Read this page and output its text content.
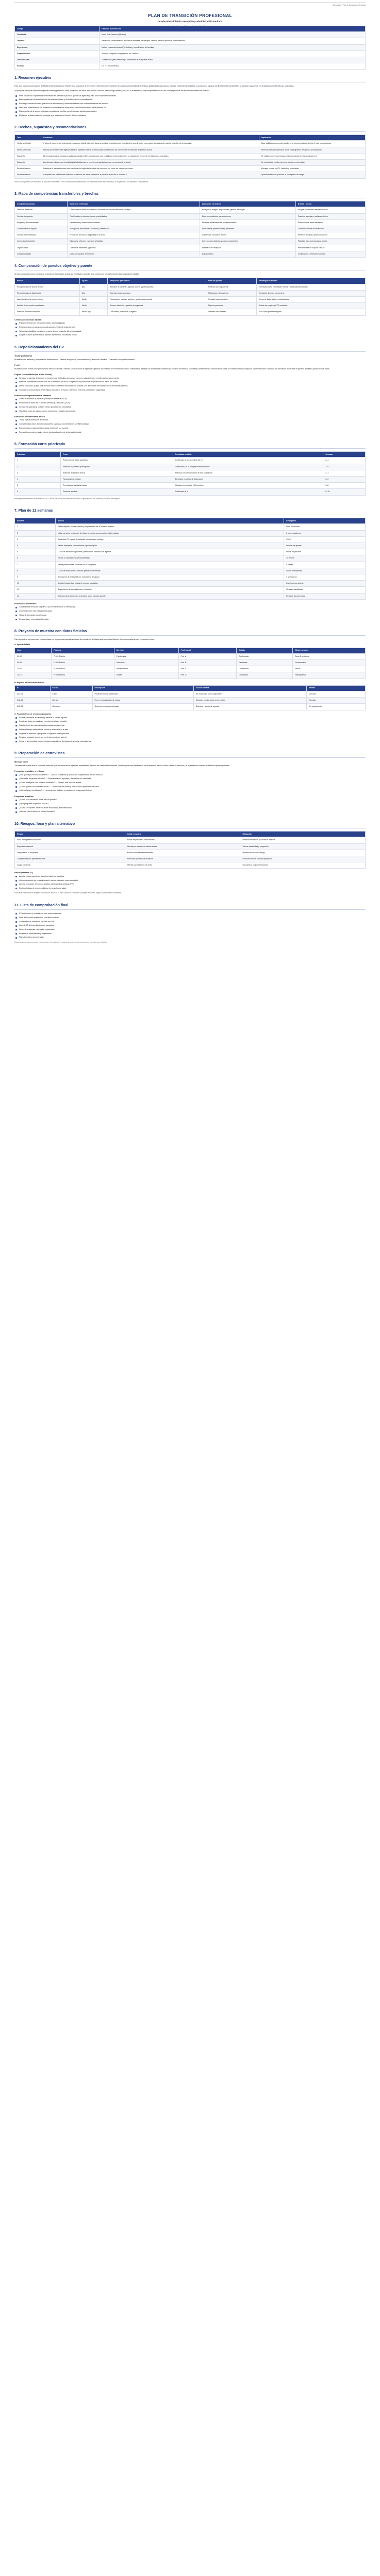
Agricultura · Plan de transición profesional
PLAN DE TRANSICIÓN PROFESIONAL
De educadora infantil a recepción y administración sanitaria
Campo	Datos de planificación
Candidata	Marta Ruiz Navarro (34 años)
Objetivo	Recepción, administración en clínicas dentales, fisioterapia, centros médicos privados y mutualidades
Experiencia	9 años en escuela infantil (0–3 años) y coordinación de familias
Disponibilidad	Jornada completa; incorporación en 3 meses
Duración plan	14 semanas (fase intensiva) + 4 semanas de búsqueda activa
Formato	CV + 1 (Documento)
1. Resumen ejecutivo

Este plan organiza la transición de Marta desde la educación infantil hacia un puesto de recepción y administración sanitaria. Su experiencia atendiendo a familias, gestionando agendas de tutorías, manteniendo registros y coordinando equipos es directamente transferible a la atención al paciente y a la gestión administrativa de una clínica.

Se propone combinar formación específica breve (gestión de citas, protección de datos, facturación a mutuas, terminología básica) con un CV reorientado y una búsqueda focalizada en clínicas privadas del área metropolitana de Valencia.

Perfil fortalecido: experiencia demostrable en atención a público, gestión de agendas y trato con situaciones delicadas.
Brecha principal: desconocimiento del software clínico y de la facturación a mutualidades.
Estrategia: formación corta, práctica con simuladores y contactos directos con centros sanitarios del entorno.
Meta: tres entrevistas en las primeras seis semanas de búsqueda y oferta firmada antes de la semana 18.
Mantener la red de apoyo: antiguas compañeras, familias y profesionales sanitarios conocidos.
El plan se revisará cada dos semanas y se adaptará en función de los resultados.
2. Hechos, supuestos y recomendaciones
Tipo	Contenido	Implicación
Hecho verificado	9 años de experiencia profesional en escuela infantil: atención diaria a familias, seguimiento de expedientes, coordinación con equipo, comunicación escrita y gestión de incidencias.	Base sólida para recepción sanitaria: la competencia central es el trato con personas.
Hecho verificado	Manejo de herramientas digitales básicas y plataformas de comunicación con familias; sin experiencia en software de gestión clínica.	Necesita formación práctica breve en programas de agenda y facturación.
Supuesto	El mercado local de clínicas privadas demanda perfiles de recepción con estabilidad y buena atención; la rotación es frecuente en fisioterapia y dentales.	Se validará con 5 conversaciones informativas en las semanas 2–4.
Supuesto	Las clínicas valoran más la actitud y la fiabilidad que la experiencia sanitaria previa en puestos de entrada.	Se contrastará con las primeras ofertas y entrevistas.
Recomendación	Presentar la transición como una continuación lógica del cuidado de personas, no como un cambio de rumbo.	Mensaje central en CV, LinkedIn y entrevistas.
Recomendación	Completar una certificación breve en protección de datos y atención al paciente antes de la semana 6.	Aporta credibilidad y reduce la percepción de riesgo.

Nota: los supuestos se revisarán al final de la semana 4 con la información obtenida en las conversaciones informativas y la respuesta a las primeras candidaturas.

3. Mapa de competencias transferibles y brechas
Competencia actual	Evidencia verificable	Aplicación en destino	Brecha / acción
Atención a familias	Comunicación diaria con familias, incluidas situaciones delicadas y quejas	Recepción, acogida de pacientes, gestión de quejas	Adaptar vocabulario sanitario básico
Gestión de agenda	Planificación de tutorías, turnos y actividades	Citas, recordatorios, cancelaciones	Practicar agenda en software clínico
Registro y documentación	Expedientes y observaciones diarias	Historias administrativas, consentimientos	Protección de datos sanitarios
Coordinación de equipo	Trabajo con educadoras, dirección y orientación	Enlace entre profesionales y pacientes	Conocer circuitos de derivación
Gestión de incidencias	Protocolos de salud y seguridad en el aula	Incidencias en sala de espera	Primeros auxilios y protocolo clínico
Comunicación escrita	Circulares, informes y correos a familias	Correos, recordatorios y avisos a pacientes	Plantillas para comunicación clínica
Organización	Control de materiales y pedidos	Inventario de recepción	Herramientas de hoja de cálculo
Confidencialidad	Datos personales de menores	Datos clínicos	Certificación LOPDGDD sanitaria
4. Comparación de puestos objetivo y puente

Se han comparado cinco puestos de entrada con la situación actual. La prioridad es acceder a un puesto con buena formación interna y horario estable.

Puesto	Ajuste	Requisitos principales	Pilar del puesto	Estrategia de acceso
Recepcionista de clínica dental	Alto	Atención al paciente, agenda, cobros y presupuestos	Relación con el paciente	Formación corta en software dental + candidaturas directas
Recepcionista de fisioterapia	Alto	Agenda, bonos y mutuas	Fidelización del paciente	Contactos directos con centros
Administrativa de centro médico	Medio	Facturación, mutuas, archivo y gestión documental	Precisión administrativa	Curso de facturación a mutualidades
Auxiliar de recepción hospitalaria	Medio	Turnos, admisión y gestión de urgencias	Flujo de pacientes	Bolsas de empleo y ETT sanitarias
Atención telefónica sanitaria	Medio-bajo	Call center, protocolos y registro	Volumen de llamadas	Solo como puente temporal
Criterios de decisión rápida:
Priorizar clínicas con formación inicial y tutora asignada.
Evitar puestos con carga comercial agresiva (venta de tratamientos).
Valorar la estabilidad horaria por encima de una pequeña diferencia salarial.
Aceptar puestos puente solo si aportan experiencia en software clínico.
5. Reposicionamiento del CV
Titular profesional

Profesional de atención y coordinación administrativa | Gestión de agendas, documentación y atención a familias | Orientada a recepción sanitaria

Perfil

Profesional con 9 años de experiencia en atención directa a familias, coordinación de agendas y gestión documental en el ámbito educativo. Habituada a trabajar con información confidencial, resolver incidencias con calma y mantener una comunicación clara. En transición hacia recepción y administración sanitaria, con formación específica en gestión de citas y protección de datos.

Logros reformulados (de aula a clínica)
Gestioné la agenda de tutorías y reuniones de 60 familias por curso, con cero solapamientos y confirmaciones por escrito.
Mantuve expedientes actualizados de 20 menores por aula, cumpliendo los protocolos de protección de datos del centro.
Atendí consultas, quejas y situaciones emocionalmente delicadas con familias, con alto índice de satisfacción en encuestas internas.
Coordiné la comunicación entre equipo educativo, dirección y servicios externos (orientación, logopedia).
Formación complementaria a destacar
Curso de atención al paciente y recepción sanitaria (40 h).
Protección de datos en el ámbito sanitario (LOPDGDD) (20 h).
Gestión de agendas y software clínico (práctica con simulador).
Ofimática: hojas de cálculo, correo profesional y gestión documental.
Estructura recomendada del CV
Titular y perfil orientados a sanidad.
Competencias clave: atención al paciente, agenda, documentación, confidencialidad.
Experiencia con logros reformulados (máximo 5 por puesto).
Formación complementaria reciente destacada antes de la formación inicial.
6. Formación corta priorizada
Prioridad	Tema	Resultado medible	Semana
1	Protección de datos sanitarios	Certificado de curso online (20 h)	2–4
2	Atención al paciente y recepción	Certificado (40 h) con prácticas simuladas	2–6
3	Software de gestión clínica	Práctica con versión demo de dos programas	4–7
4	Facturación a mutuas	Ejercicios resueltos de facturación	6–9
5	Terminología sanitaria básica	Glosario personal de 150 términos	3–8
6	Primeros auxilios	Certificado (8 h)	8–10

Presupuesto estimado de formación: 180–260 €. Se priorizan cursos bonificados o gratuitos de los servicios públicos de empleo.

7. Plan de 12 semanas
Semana	Acción	Entregable
1	Definir objetivo, revisar ofertas y preparar lista de 30 clínicas objetivo	Lista de clínicas
2	Iniciar curso de protección de datos; primeras conversaciones informativas	2 conversaciones
3	Reescribir CV y perfil de LinkedIn con el nuevo enfoque	CV v1
4	Validar supuestos con contactos; ajustar el plan	Informe de ajustes
5	Curso de atención al paciente; práctica con simulador de agenda	Horas de práctica
6	Enviar 10 candidaturas personalizadas	10 envíos
7	Visitas presenciales a clínicas con CV impreso	8 visitas
8	Curso de facturación a mutuas; preparar entrevistas	Guion de entrevista
9	Simulacros de entrevista con compañera de apoyo	2 simulacros
10	Ampliar búsqueda a bolsas de empleo sanitarias	Inscripciones activas
11	Seguimiento de candidaturas y contactos	Registro actualizado
12	Revisión general del plan y decisión sobre puestos puente	Decisión documentada
Indicadores semanales
Candidaturas enviadas (objetivo: 5 por semana desde la semana 6).
Conversaciones informativas realizadas.
Horas de formación completadas.
Respuestas y entrevistas obtenidas.
8. Proyecto de muestra con datos ficticios

Para demostrar competencias en entrevistas, se prepara una agenda simulada de una clínica de fisioterapia con datos ficticios. Debe acompañarse con explicación breve.

A. Agenda ficticia
Hora	Paciente	Servicio	Profesional	Estado	Observaciones
09:00	P-001 Ficticio	Fisioterapia	Prof. A	Confirmada	Bono 5 sesiones
09:45	P-002 Ficticio	Valoración	Prof. B	Pendiente	Primera visita
10:30	P-003 Ficticio	Rehabilitación	Prof. A	Confirmada	Mutua
11:15	P-004 Ficticio	Masaje	Prof. C	Cancelada	Reprogramar
B. Registro de incidencias ficticio
ID	Fecha	Descripción	Acción tomada	Estado
INC-01	Lunes	Paciente sin cita confirmada	Se reubica en hueco disponible	Cerrada
INC-02	Martes	Error en autorización de mutua	Contacto con la mutua y corrección	Cerrada
INC-03	Miércoles	Queja por espera prolongada	Disculpa y ajuste de agenda	En seguimiento
C. Procedimiento de recepción propuesto
Saludar, identificar al paciente y verificar la cita en agenda.
Confirmar datos personales y cobertura (mutua o privado).
Solicitar firma de consentimientos cuando corresponda.
Indicar el tiempo estimado de espera y acompañar a la sala.
Registrar la atención y programar la siguiente cita si procede.
Registrar cualquier incidencia en el documento de control.
Cerrar el día: conciliar cobros, revisar la agenda del día siguiente y enviar recordatorios.
9. Preparación de entrevistas
Mensaje clave

"He dedicado nueve años a cuidar de personas y de su información: agendas, expedientes, familias en situaciones delicadas. Quiero aplicar esa experiencia en la recepción de una clínica, donde la atención y la organización marcan la diferencia para el paciente."

Preguntas probables y enfoque
¿Por qué deja la educación infantil? — Buscar estabilidad y aplicar mis competencias en otro entorno.
¿Qué sabe de gestión de citas? — Experiencia con agendas y formación con simulador.
¿Cómo manejaría a un paciente enfadado? — Ejemplo real con una familia.
¿Cómo gestiona la confidencialidad? — Protocolos del centro y formación en protección de datos.
¿Qué software ha utilizado? — Herramientas digitales y práctica con programas clínicos.
Preguntas a realizar
¿Cómo es la formación inicial para el puesto?
¿Qué programa de gestión utilizan?
¿Cómo se reparten las tareas entre recepción y administración?
¿Qué se valora más en el primer trimestre?
10. Riesgos, foco y plan alternativo
Riesgo	Señal temprana	Mitigación
Falta de experiencia sanitaria	Pocas respuestas a candidaturas	Reforzar formación y contactos directos
Expectativa salarial	Ofertas por debajo del salario actual	Valorar estabilidad y progresión
Desgaste en la búsqueda	Menos candidaturas semanales	Revisión quincenal y apoyo
Competencia con perfiles técnicos	Rechazos por falta de titulación	Priorizar clínicas privadas pequeñas
Carga comercial	Ofertas con objetivos de venta	Descartar o negociar funciones
Plan B (semana 12)
Aceptar puesto puente en atención telefónica sanitaria.
Valorar recepción en escuela infantil o centro educativo como transición.
Ampliar formación: técnico en gestión administrativa sanitaria (FP).
Explorar bolsas de empleo públicas de servicios de salud.

Nota final: la transición requiere constancia. Revisar el plan cada dos semanas y adaptar acciones según los resultados obtenidos.

11. Lista de comprobación final
CV reorientado y revisado por una persona externa.
Perfil de LinkedIn actualizado con titular sanitario.
Certificados de formación adjuntos en PDF.
Lista de 30 clínicas objetivo con contactos.
Guion de entrevista y ejemplos preparados.
Registro de candidaturas y seguimiento.
Plan alternativo documentado.

Documento de uso personal. Los nombres de pacientes y datos de agenda del proyecto de muestra son ficticios.
